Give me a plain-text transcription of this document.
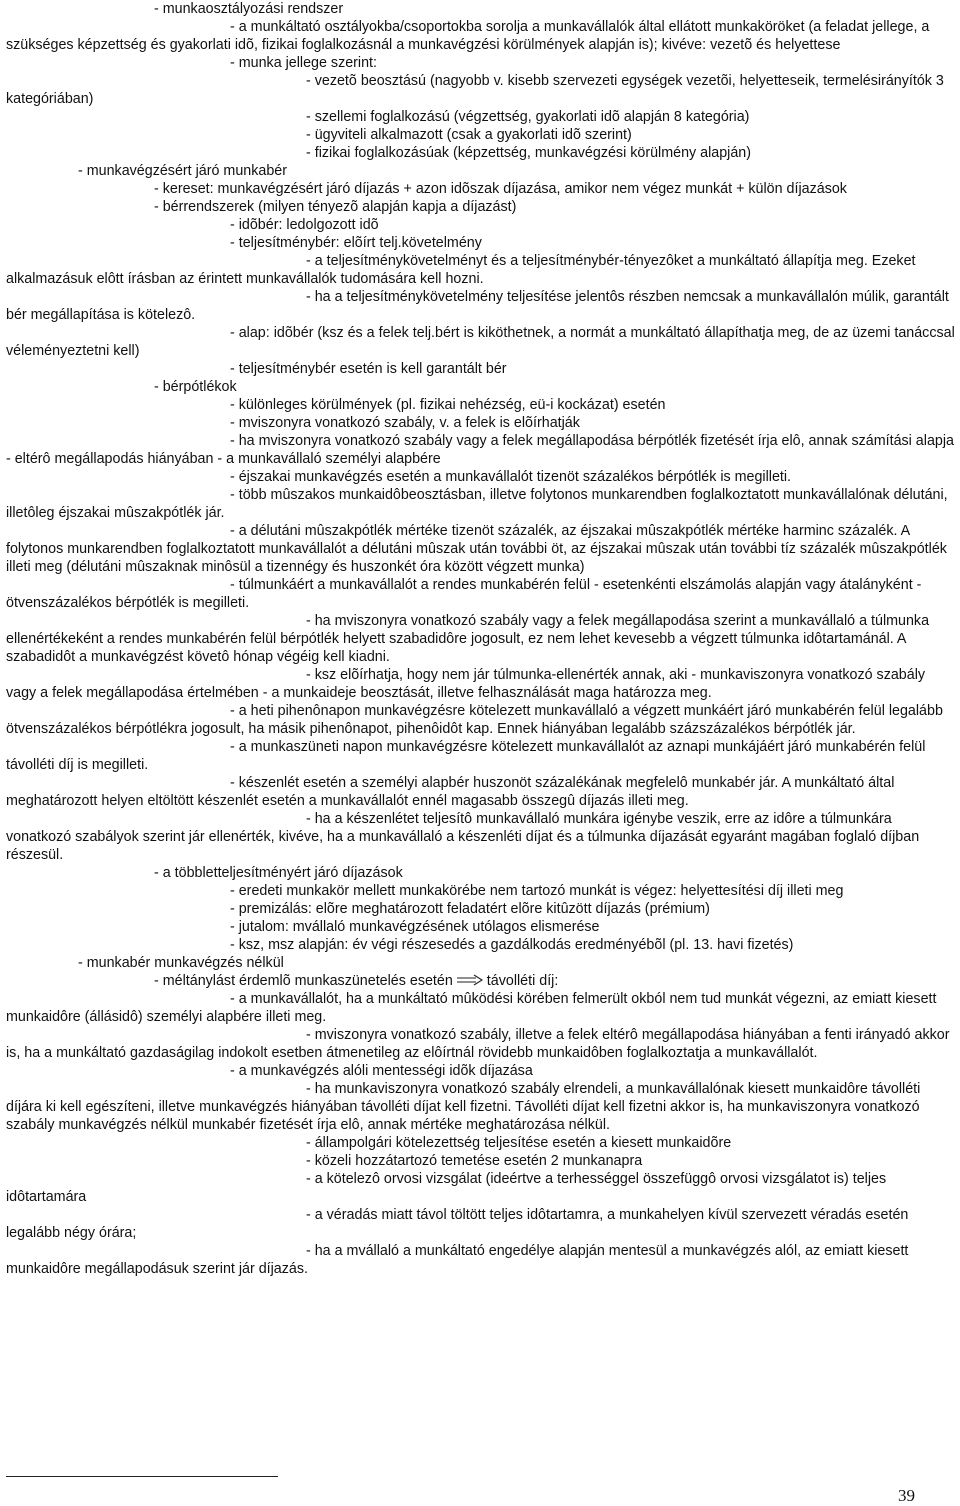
- munkaosztályozási rendszer

- a munkáltató osztályokba/csoportokba sorolja a munkavállalók által ellátott munkaköröket (a feladat jellege, a szükséges képzettség és gyakorlati idõ, fizikai foglalkozásnál a munkavégzési körülmények alapján is); kivéve: vezetõ és helyettese

- munka jellege szerint:

- vezetõ beosztású (nagyobb v. kisebb szervezeti egységek vezetõi, helyetteseik, termelésirányítók 3 kategóriában)

- szellemi foglalkozású (végzettség, gyakorlati idõ alapján 8 kategória)

- ügyviteli alkalmazott (csak a gyakorlati idõ szerint)

- fizikai foglalkozásúak (képzettség, munkavégzési körülmény alapján)

- munkavégzésért járó munkabér

- kereset: munkavégzésért járó díjazás + azon idõszak díjazása, amikor nem végez munkát + külön díjazások

- bérrendszerek (milyen tényezõ alapján kapja a díjazást)

- idõbér: ledolgozott idõ

- teljesítménybér: elõírt telj.követelmény

- a teljesítménykövetelményt és a teljesítménybér-tényezôket a munkáltató állapítja meg. Ezeket alkalmazásuk elôtt írásban az érintett munkavállalók tudomására kell hozni.

- ha a teljesítménykövetelmény teljesítése jelentôs részben nemcsak a munkavállalón múlik, garantált bér megállapítása is kötelezô.

- alap: idõbér (ksz és a felek telj.bért is kiköthetnek, a normát a munkáltató állapíthatja meg, de az üzemi tanáccsal véleményeztetni kell)

- teljesítménybér esetén is kell garantált bér

- bérpótlékok

- különleges körülmények (pl. fizikai nehézség, eü-i kockázat) esetén

- mviszonyra vonatkozó szabály, v. a felek is elõírhatják

- ha mviszonyra vonatkozó szabály vagy a felek megállapodása bérpótlék fizetését írja elô, annak számítási alapja - eltérô megállapodás hiányában - a munkavállaló személyi alapbére

- éjszakai munkavégzés esetén a munkavállalót tizenöt százalékos bérpótlék is megilleti.

- több mûszakos munkaidôbeosztásban, illetve folytonos munkarendben foglalkoztatott munkavállalónak délutáni, illetôleg éjszakai mûszakpótlék jár.

- a délutáni mûszakpótlék mértéke tizenöt százalék, az éjszakai mûszakpótlék mértéke harminc százalék. A folytonos munkarendben foglalkoztatott munkavállalót a délutáni mûszak után további öt, az éjszakai mûszak után további tíz százalék mûszakpótlék illeti meg (délutáni mûszaknak minôsül a tizennégy és huszonkét óra között végzett munka)

- túlmunkáért a munkavállalót a rendes munkabérén felül - esetenkénti elszámolás alapján vagy átalányként - ötvenszázalékos bérpótlék is megilleti.

- ha mviszonyra vonatkozó szabály vagy a felek megállapodása szerint a munkavállaló a túlmunka ellenértékeként a rendes munkabérén felül bérpótlék helyett szabadidôre jogosult, ez nem lehet kevesebb a végzett túlmunka idôtartamánál. A szabadidôt a munkavégzést követô hónap végéig kell kiadni.

- ksz elõírhatja, hogy nem jár túlmunka-ellenérték annak, aki - munkaviszonyra vonatkozó szabály vagy a felek megállapodása értelmében - a munkaideje beosztását, illetve felhasználását maga határozza meg.

- a heti pihenônapon munkavégzésre kötelezett munkavállaló a végzett munkáért járó munkabérén felül legalább ötvenszázalékos bérpótlékra jogosult, ha másik pihenônapot, pihenôidôt kap. Ennek hiányában legalább százszázalékos bérpótlék jár.

- a munkaszüneti napon munkavégzésre kötelezett munkavállalót az aznapi munkájáért járó munkabérén felül távolléti díj is megilleti.

- készenlét esetén a személyi alapbér huszonöt százalékának megfelelô munkabér jár. A munkáltató által meghatározott helyen eltöltött készenlét esetén a munkavállalót ennél magasabb összegû díjazás illeti meg.

- ha a készenlétet teljesítô munkavállaló munkára igénybe veszik, erre az idôre a túlmunkára vonatkozó szabályok szerint jár ellenérték, kivéve, ha a munkavállaló a készenléti díjat és a túlmunka díjazását egyaránt magában foglaló díjban részesül.

- a többletteljesítményért járó díjazások

- eredeti munkakör mellett munkakörébe nem tartozó munkát is végez: helyettesítési díj illeti meg

- premizálás: elõre meghatározott feladatért elõre kitûzött díjazás (prémium)

- jutalom: mvállaló munkavégzésének utólagos elismerése

- ksz, msz alapján: év végi részesedés a gazdálkodás eredményébõl (pl. 13. havi fizetés)

- munkabér munkavégzés nélkül

- méltánylást érdemlõ munkaszünetelés esetén távolléti díj:

- a munkavállalót, ha a munkáltató mûködési körében felmerült okból nem tud munkát végezni, az emiatt kiesett munkaidôre (állásidô) személyi alapbére illeti meg.

- mviszonyra vonatkozó szabály, illetve a felek eltérô megállapodása hiányában a fenti irányadó akkor is, ha a munkáltató gazdaságilag indokolt esetben átmenetileg az elôírtnál rövidebb munkaidôben foglalkoztatja a munkavállalót.

- a munkavégzés alóli mentességi idõk díjazása

- ha munkaviszonyra vonatkozó szabály elrendeli, a munkavállalónak kiesett munkaidôre távolléti díjára ki kell egészíteni, illetve munkavégzés hiányában távolléti díjat kell fizetni. Távolléti díjat kell fizetni akkor is, ha munkaviszonyra vonatkozó szabály munkavégzés nélkül munkabér fizetését írja elô, annak mértéke meghatározása nélkül.

- állampolgári kötelezettség teljesítése esetén a kiesett munkaidõre

- közeli hozzátartozó temetése esetén 2 munkanapra

- a kötelezô orvosi vizsgálat (ideértve a terhességgel összefüggô orvosi vizsgálatot is) teljes idôtartamára

- a véradás miatt távol töltött teljes idôtartamra, a munkahelyen kívül szervezett véradás esetén legalább négy órára;

- ha a mvállaló a munkáltató engedélye alapján mentesül a munkavégzés alól, az emiatt kiesett munkaidôre megállapodásuk szerint jár díjazás.

39
